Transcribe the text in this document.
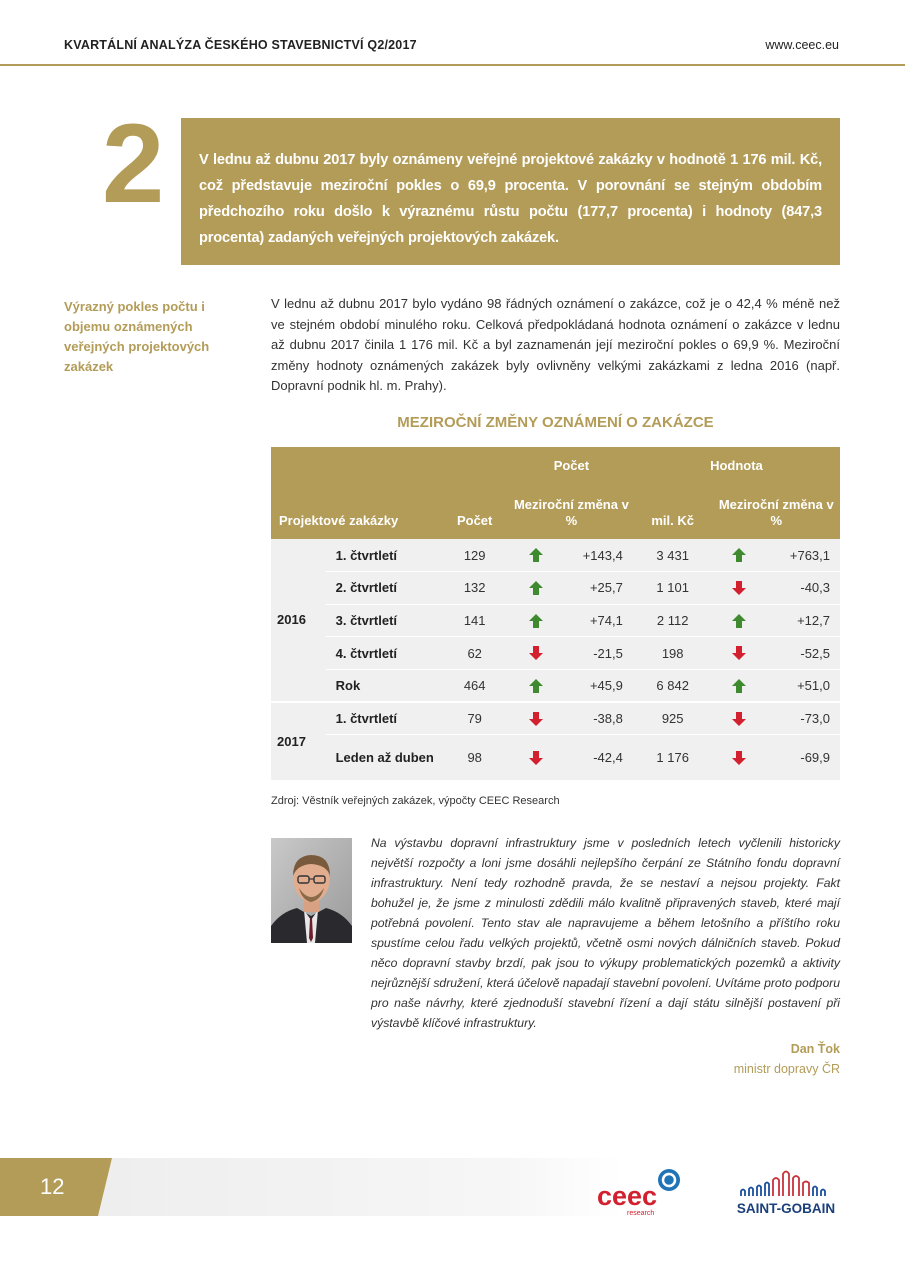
KVARTÁLNÍ ANALÝZA ČESKÉHO STAVEBNICTVÍ Q2/2017	www.ceec.eu
2 V lednu až dubnu 2017 byly oznámeny veřejné projektové zakázky v hodnotě 1 176 mil. Kč, což představuje meziroční pokles o 69,9 procenta. V porovnání se stejným obdobím předchozího roku došlo k výraznému růstu počtu (177,7 procenta) i hodnoty (847,3 procenta) zadaných veřejných projektových zakázek.

Výrazný pokles počtu i objemu oznámených veřejných projektových zakázek

V lednu až dubnu 2017 bylo vydáno 98 řádných oznámení o zakázce, což je o 42,4 % méně než ve stejném období minulého roku. Celková předpokládaná hodnota oznámení o zakázce v lednu až dubnu 2017 činila 1 176 mil. Kč a byl zaznamenán její meziroční pokles o 69,9 %. Meziroční změny hodnoty oznámených zakázek byly ovlivněny velkými zakázkami z ledna 2016 (např. Dopravní podnik hl. m. Prahy).

MEZIROČNÍ ZMĚNY OZNÁMENÍ O ZAKÁZCE
			Počet		Hodnota		
Projektové zakázky		Počet	Meziroční změna v %		mil. Kč	Meziroční změna v %	
2016	1. čtvrtletí	129		+143,4	3 431		+763,1
	2. čtvrtletí	132		+25,7	1 101		-40,3
	3. čtvrtletí	141		+74,1	2 112		+12,7
	4. čtvrtletí	62		-21,5	198		-52,5
	Rok	464		+45,9	6 842		+51,0
2017	1. čtvrtletí	79		-38,8	925		-73,0
	Leden až duben	98		-42,4	1 176		-69,9
Zdroj: Věstník veřejných zakázek, výpočty CEEC Research

Na výstavbu dopravní infrastruktury jsme v posledních letech vyčlenili historicky největší rozpočty a loni jsme dosáhli nejlepšího čerpání ze Státního fondu dopravní infrastruktury. Není tedy rozhodně pravda, že se nestaví a nejsou projekty. Fakt bohužel je, že jsme z minulosti zdědili málo kvalitně připravených staveb, které mají potřebná povolení. Tento stav ale napravujeme a během letošního a příštího roku spustíme celou řadu velkých projektů, včetně osmi nových dálničních staveb. Pokud něco dopravní stavby brzdí, pak jsou to výkupy problematických pozemků a aktivity nejrůznější sdružení, která účelově napadají stavební povolení. Uvítáme proto podporu pro naše návrhy, které zjednoduší stavební řízení a dají státu silnější postavení při výstavbě klíčové infrastruktury.

Dan Ťok
ministr dopravy ČR
12	ceec
research	SAINT-GOBAIN
